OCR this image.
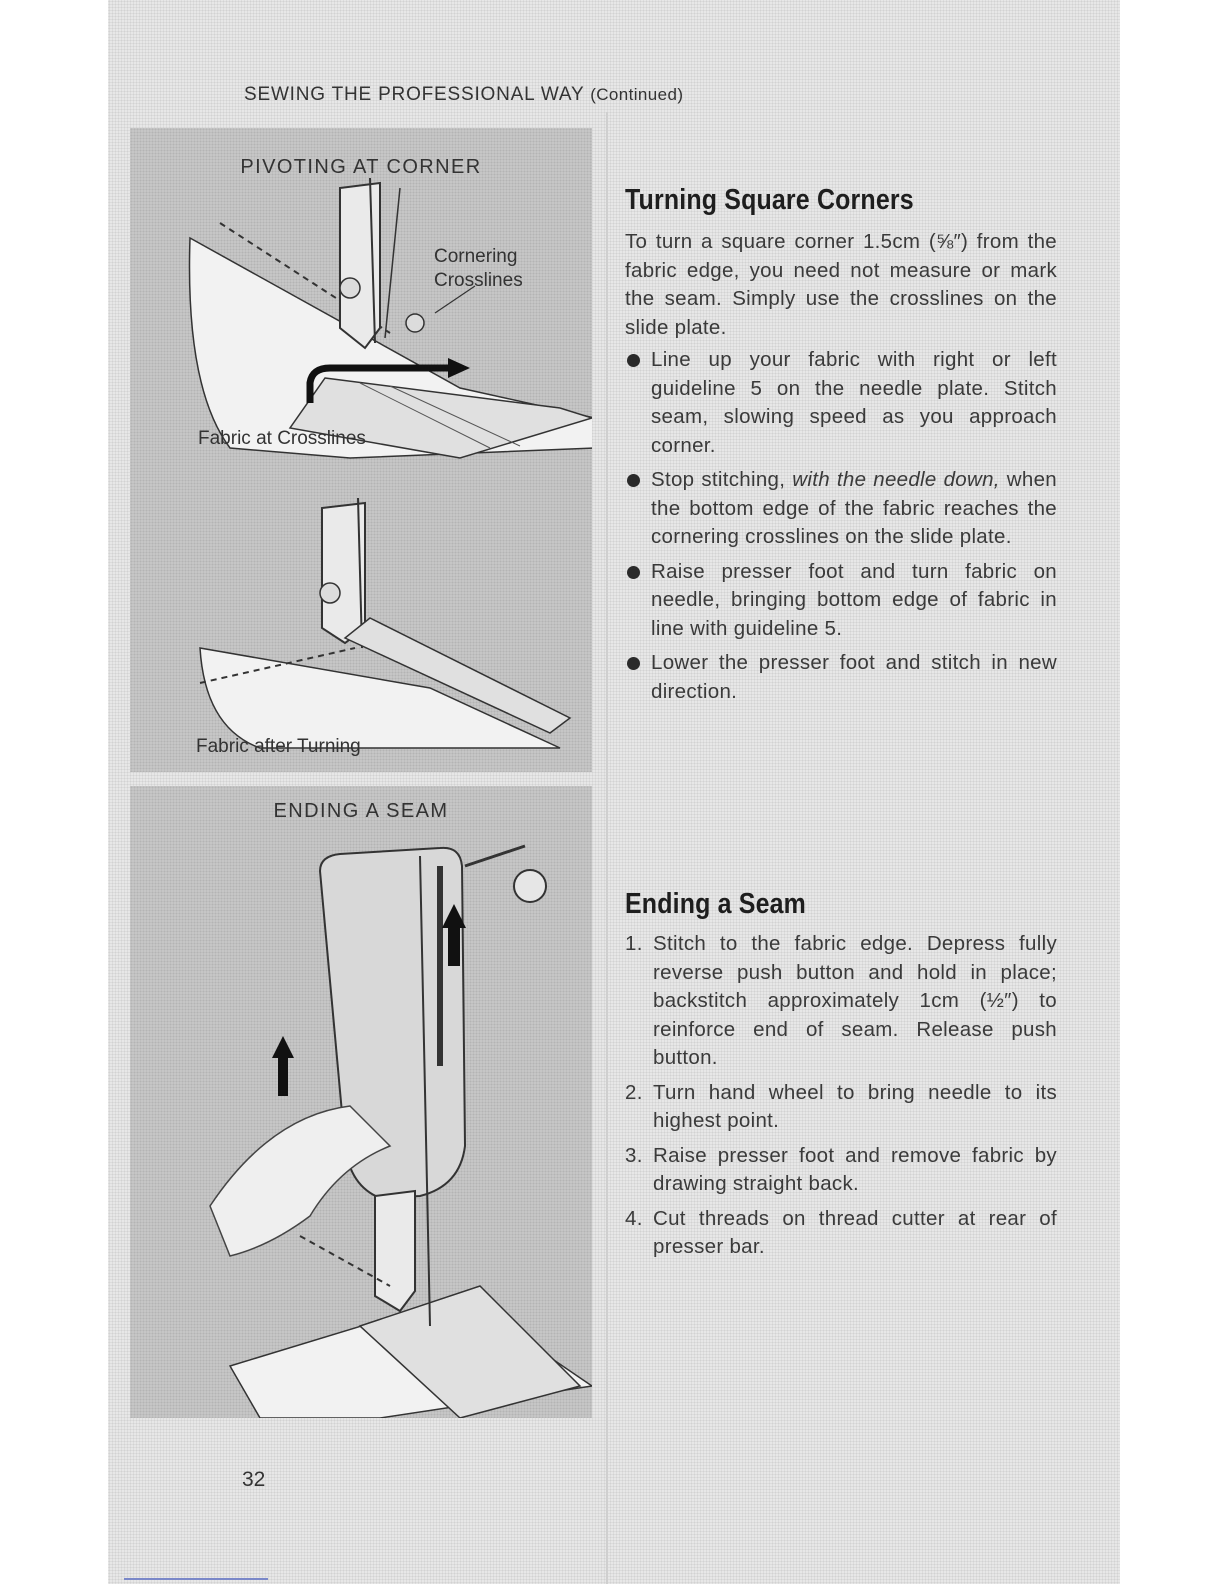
SEWING THE PROFESSIONAL WAY (Continued)
PIVOTING AT CORNER
Cornering
Crosslines
Fabric at Crosslines
Fabric after Turning
ENDING A SEAM
Turning Square Corners

To turn a square corner 1.5cm (⅝″) from the fabric edge, you need not measure or mark the seam. Simply use the crosslines on the slide plate.

Line up your fabric with right or left guideline 5 on the needle plate. Stitch seam, slowing speed as you approach corner.
Stop stitching, with the needle down, when the bottom edge of the fabric reaches the cornering crosslines on the slide plate.
Raise presser foot and turn fabric on needle, bringing bottom edge of fabric in line with guideline 5.
Lower the presser foot and stitch in new direction.
Ending a Seam
1. Stitch to the fabric edge. Depress fully reverse push button and hold in place; backstitch approximately 1cm (½″) to reinforce end of seam. Release push button.
2. Turn hand wheel to bring needle to its highest point.
3. Raise presser foot and remove fabric by drawing straight back.
4. Cut threads on thread cutter at rear of presser bar.
32
